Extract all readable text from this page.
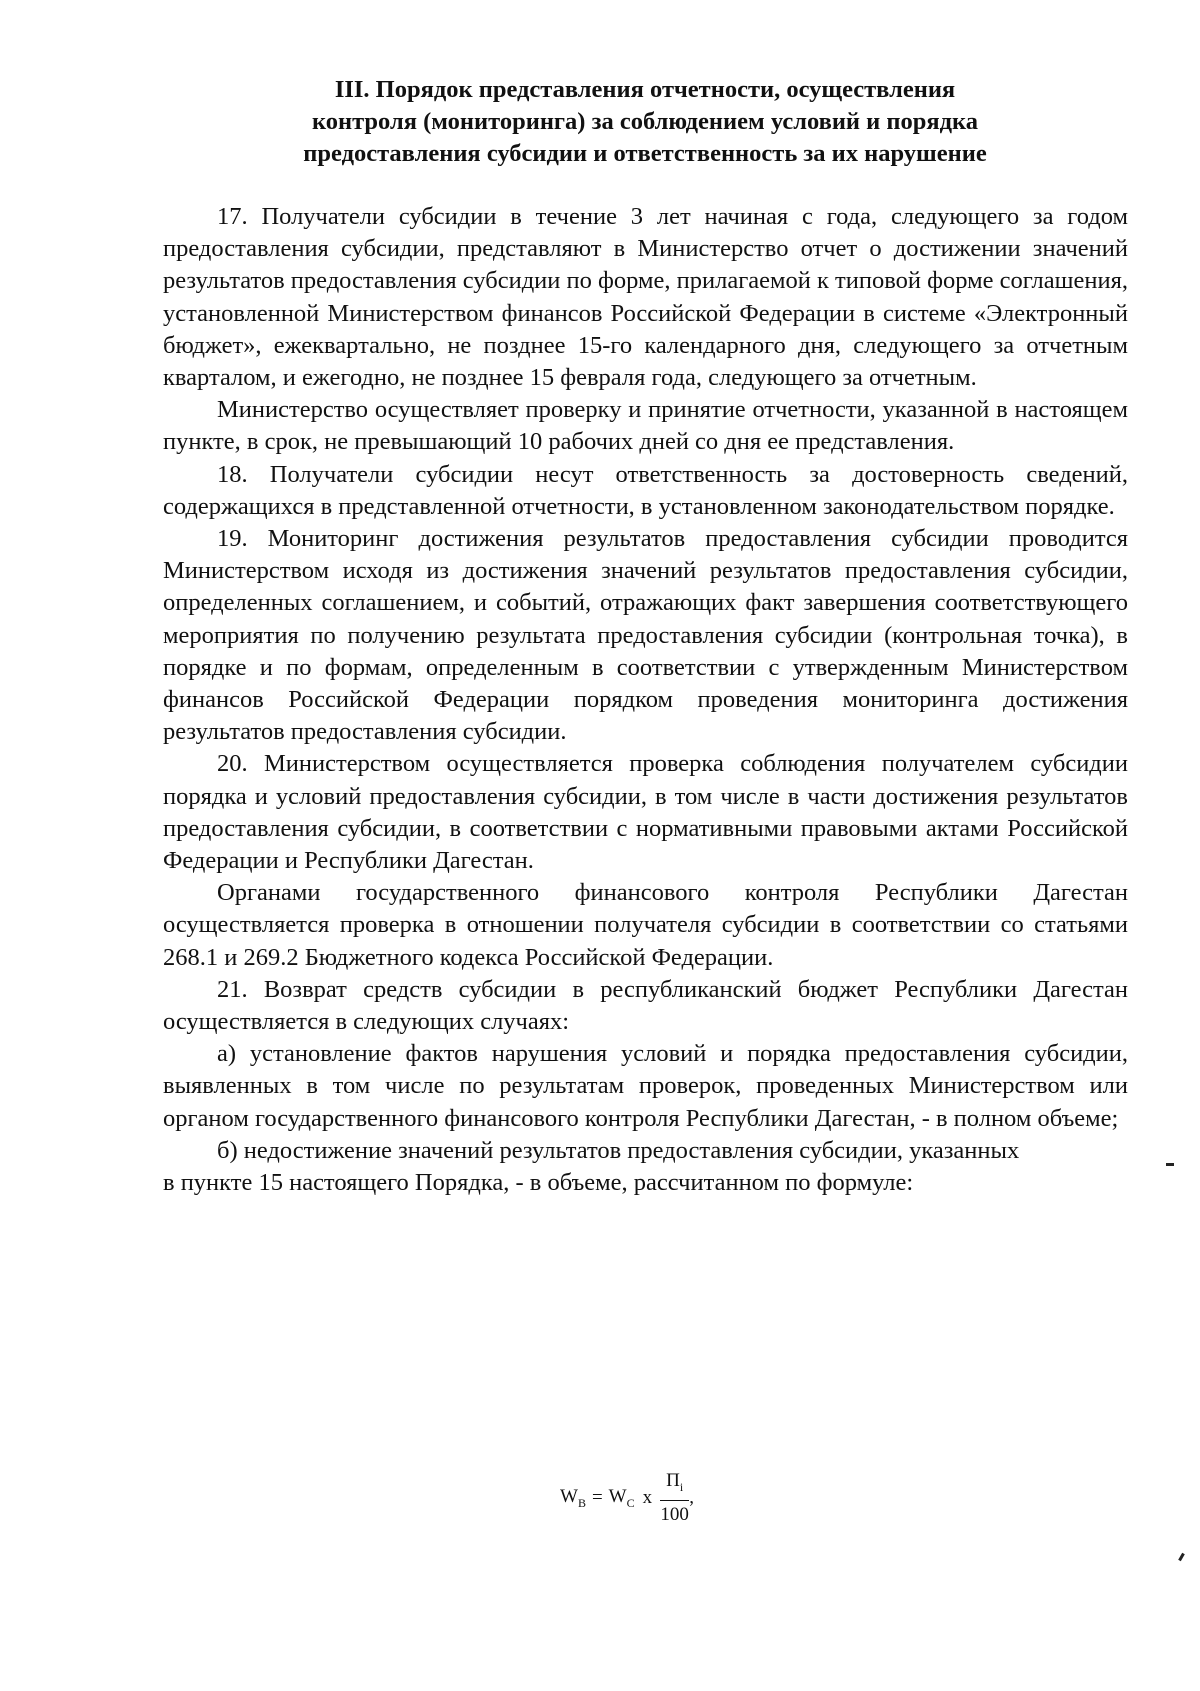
III. Порядок представления отчетности, осуществления
контроля (мониторинга) за соблюдением условий и порядка
предоставления субсидии и ответственность за их нарушение

17. Получатели субсидии в течение 3 лет начиная с года, следующего за годом предоставления субсидии, представляют в Министерство отчет о достижении значений результатов предоставления субсидии по форме, прилагаемой к типовой форме соглашения, установленной Министерством финансов Российской Федерации в системе «Электронный бюджет», ежеквартально, не позднее 15-го календарного дня, следующего за отчетным кварталом, и ежегодно, не позднее 15 февраля года, следующего за отчетным.

Министерство осуществляет проверку и принятие отчетности, указанной в настоящем пункте, в срок, не превышающий 10 рабочих дней со дня ее представления.

18. Получатели субсидии несут ответственность за достоверность сведений, содержащихся в представленной отчетности, в установленном законодательством порядке.

19. Мониторинг достижения результатов предоставления субсидии проводится Министерством исходя из достижения значений результатов предоставления субсидии, определенных соглашением, и событий, отражающих факт завершения соответствующего мероприятия по получению результата предоставления субсидии (контрольная точка), в порядке и по формам, определенным в соответствии с утвержденным Министерством финансов Российской Федерации порядком проведения мониторинга достижения результатов предоставления субсидии.

20. Министерством осуществляется проверка соблюдения получателем субсидии порядка и условий предоставления субсидии, в том числе в части достижения результатов предоставления субсидии, в соответствии с нормативными правовыми актами Российской Федерации и Республики Дагестан.

Органами государственного финансового контроля Республики Дагестан осуществляется проверка в отношении получателя субсидии в соответствии со статьями 268.1 и 269.2 Бюджетного кодекса Российской Федерации.

21. Возврат средств субсидии в республиканский бюджет Республики Дагестан осуществляется в следующих случаях:

а) установление фактов нарушения условий и порядка предоставления субсидии, выявленных в том числе по результатам проверок, проведенных Министерством или органом государственного финансового контроля Республики Дагестан, - в полном объеме;

б) недостижение значений результатов предоставления субсидии, указанных

в пункте 15 настоящего Порядка, - в объеме, рассчитанном по формуле:

$W_В = W_С$ x $\frac{П_i}{100}$ ,
